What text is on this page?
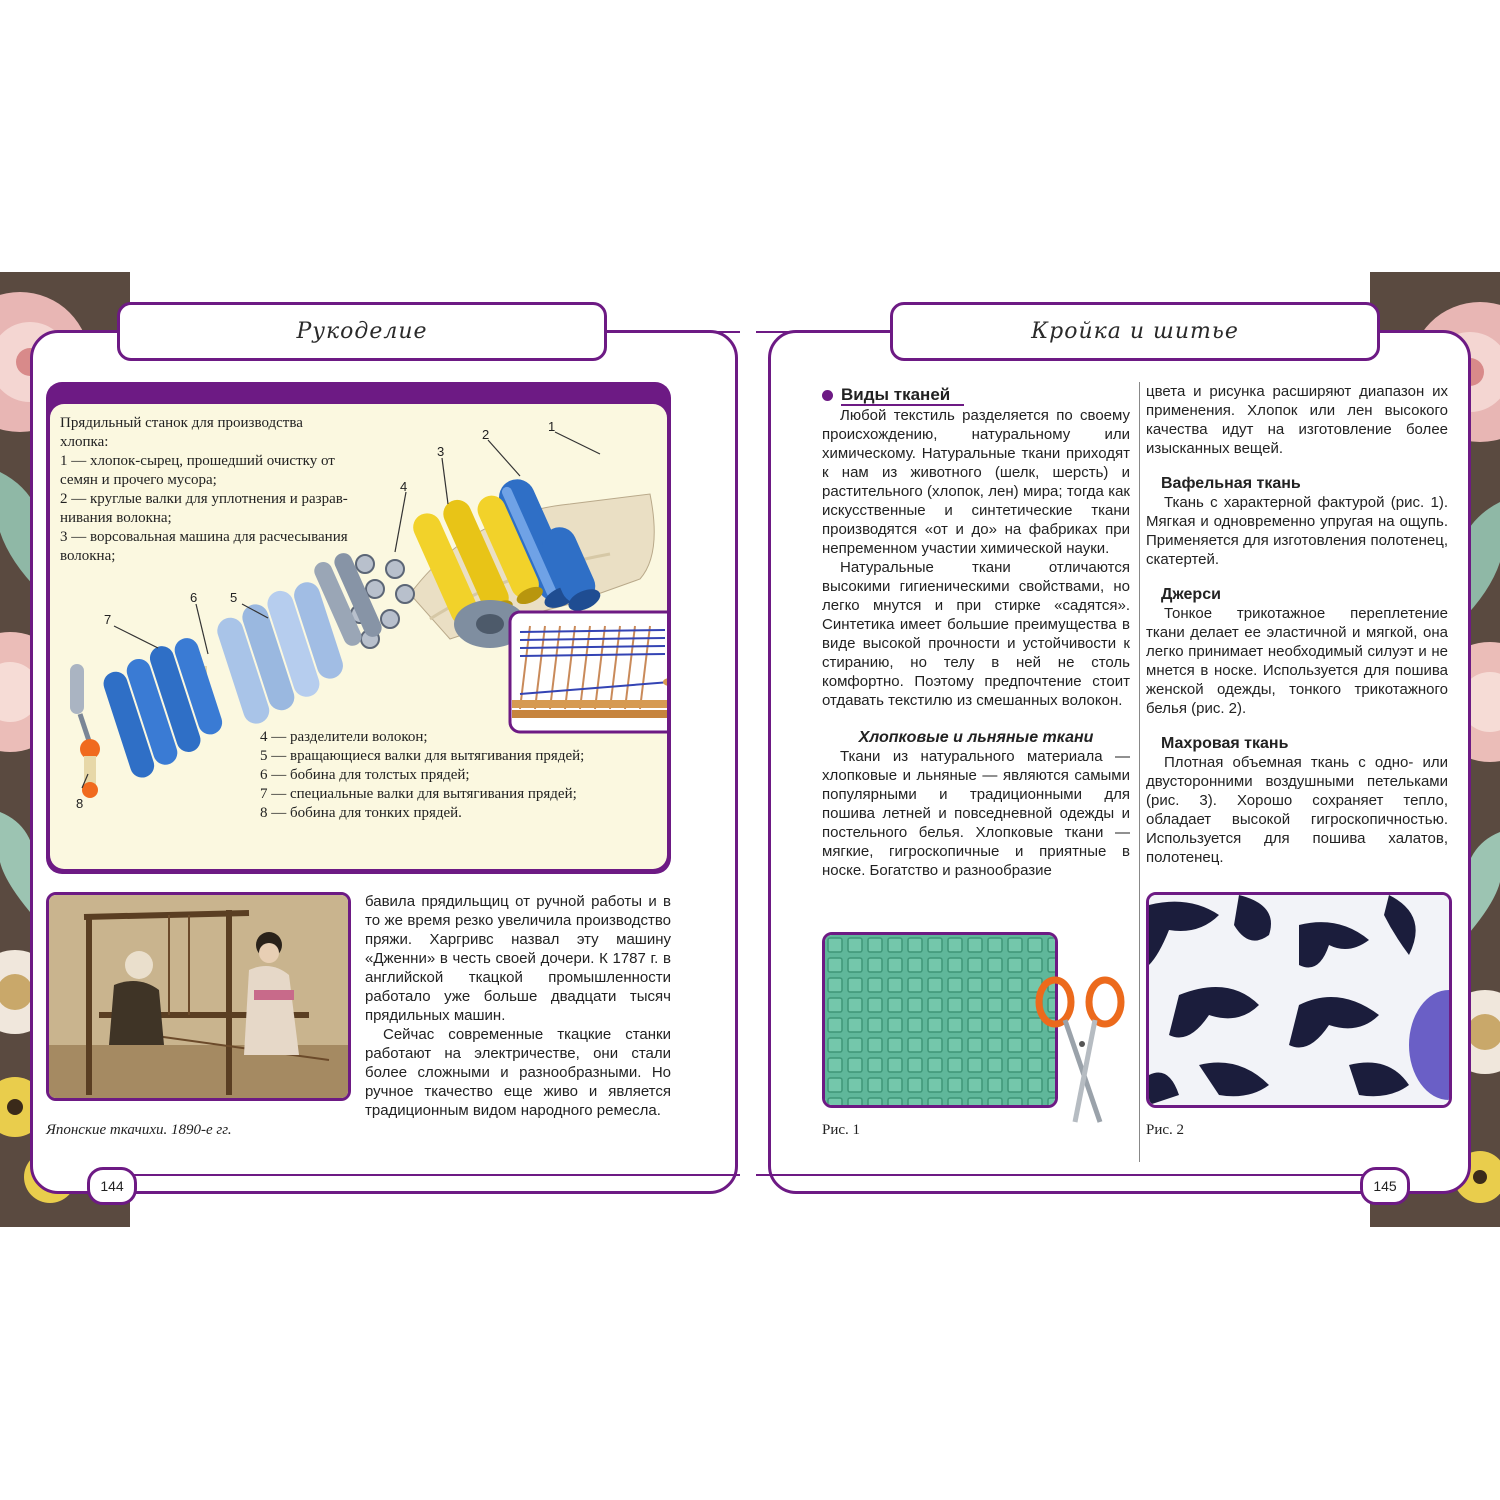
Рукоделие	Кройка и шитье
144	145
Прядильный станок для производства
хлопка:
1 — хлопок-сырец, прошедший очистку от
семян и прочего мусора;
2 — круглые валки для уплотнения и разрав-
нивания волокна;
3 — ворсовальная машина для расчесывания
волокна;
1
2
3
4
5
6
7
8
4 — разделители волокон;
5 — вращающиеся валки для вытягивания прядей;
6 — бобина для толстых прядей;
7 — специальные валки для вытягивания прядей;
8 — бобина для тонких прядей.
Японские ткачихи. 1890-е гг.

бавила прядильщиц от ручной работы и в то же время резко увеличила производство пряжи. Харгривс назвал эту машину «Дженни» в честь своей дочери. К 1787 г. в английской ткацкой промышленности работало уже больше двадцати тысяч прядильных машин.

Сейчас современные ткацкие станки работают на электричестве, они стали более сложными и разнообразными. Но ручное ткачество еще живо и является традиционным видом народного ремесла.

Виды тканей

Любой текстиль разделяется по своему происхождению, натуральному или химическому. Натуральные ткани приходят к нам из животного (шелк, шерсть) и растительного (хлопок, лен) мира; тогда как искусственные и синтетические ткани производятся «от и до» на фабриках при непременном участии химической науки.

Натуральные ткани отличаются высокими гигиеническими свойствами, но легко мнутся и при стирке «садятся». Синтетика имеет большие преимущества в виде высокой прочности и устойчивости к стиранию, но телу в ней не столь комфортно. Поэтому предпочтение стоит отдавать текстилю из смешанных волокон.

Хлопковые и льняные ткани

Ткани из натурального материала — хлопковые и льняные — являются самыми популярными и традиционными для пошива летней и повседневной одежды и постельного белья. Хлопковые ткани — мягкие, гигроскопичные и приятные в носке. Богатство и разнообразие

цвета и рисунка расширяют диапазон их применения. Хлопок или лен высокого качества идут на изготовление более изысканных вещей.

Вафельная ткань

Ткань с характерной фактурой (рис. 1). Мягкая и одновременно упругая на ощупь. Применяется для изготовления полотенец, скатертей.

Джерси

Тонкое трикотажное переплетение ткани делает ее эластичной и мягкой, она легко принимает необходимый силуэт и не мнется в носке. Используется для пошива женской одежды, тонкого трикотажного белья (рис. 2).

Махровая ткань

Плотная объемная ткань с одно- или двусторонними воздушными петельками (рис. 3). Хорошо сохраняет тепло, обладает высокой гигроскопичностью. Используется для пошива халатов, полотенец.

Рис. 1	Рис. 2
